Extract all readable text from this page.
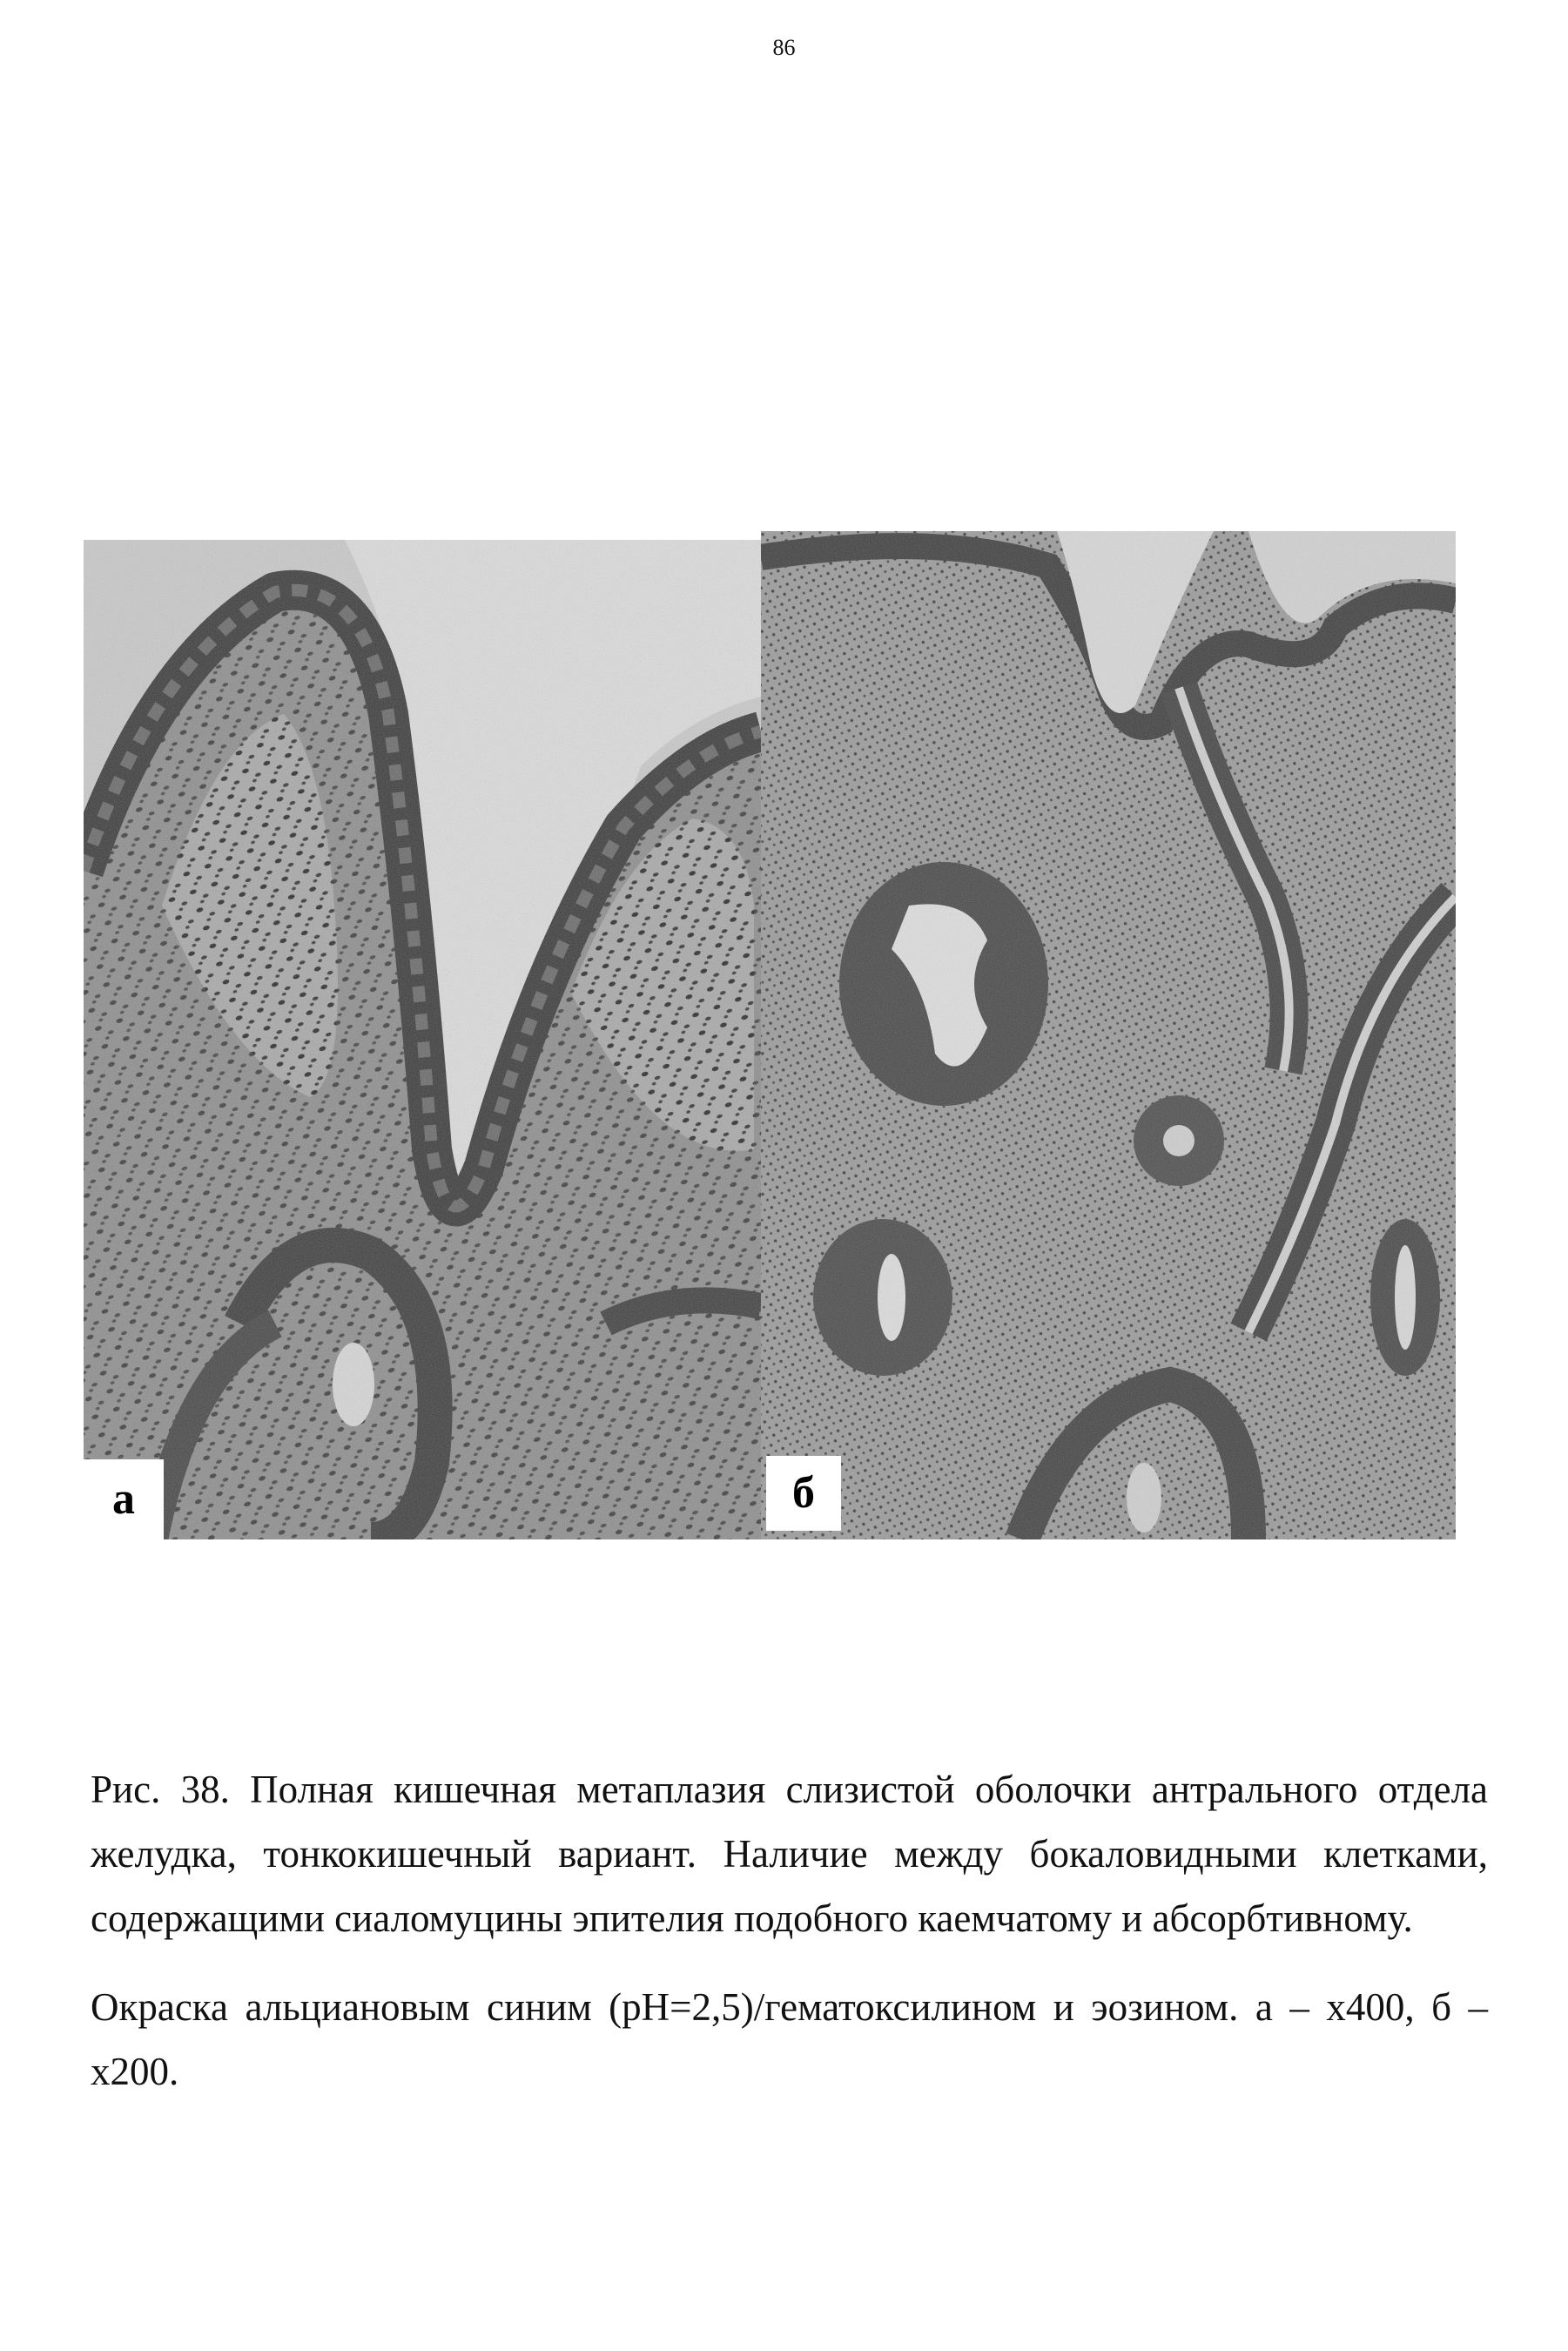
86
а	б

Рис. 38. Полная кишечная метаплазия слизистой оболочки антрального отдела желудка, тонкокишечный вариант. Наличие между бокаловидными клетками, содержащими сиаломуцины эпителия подобного каемчатому и абсорбтивному.

Окраска альциановым синим (рН=2,5)/гематоксилином и эозином. а – х400, б – х200.
